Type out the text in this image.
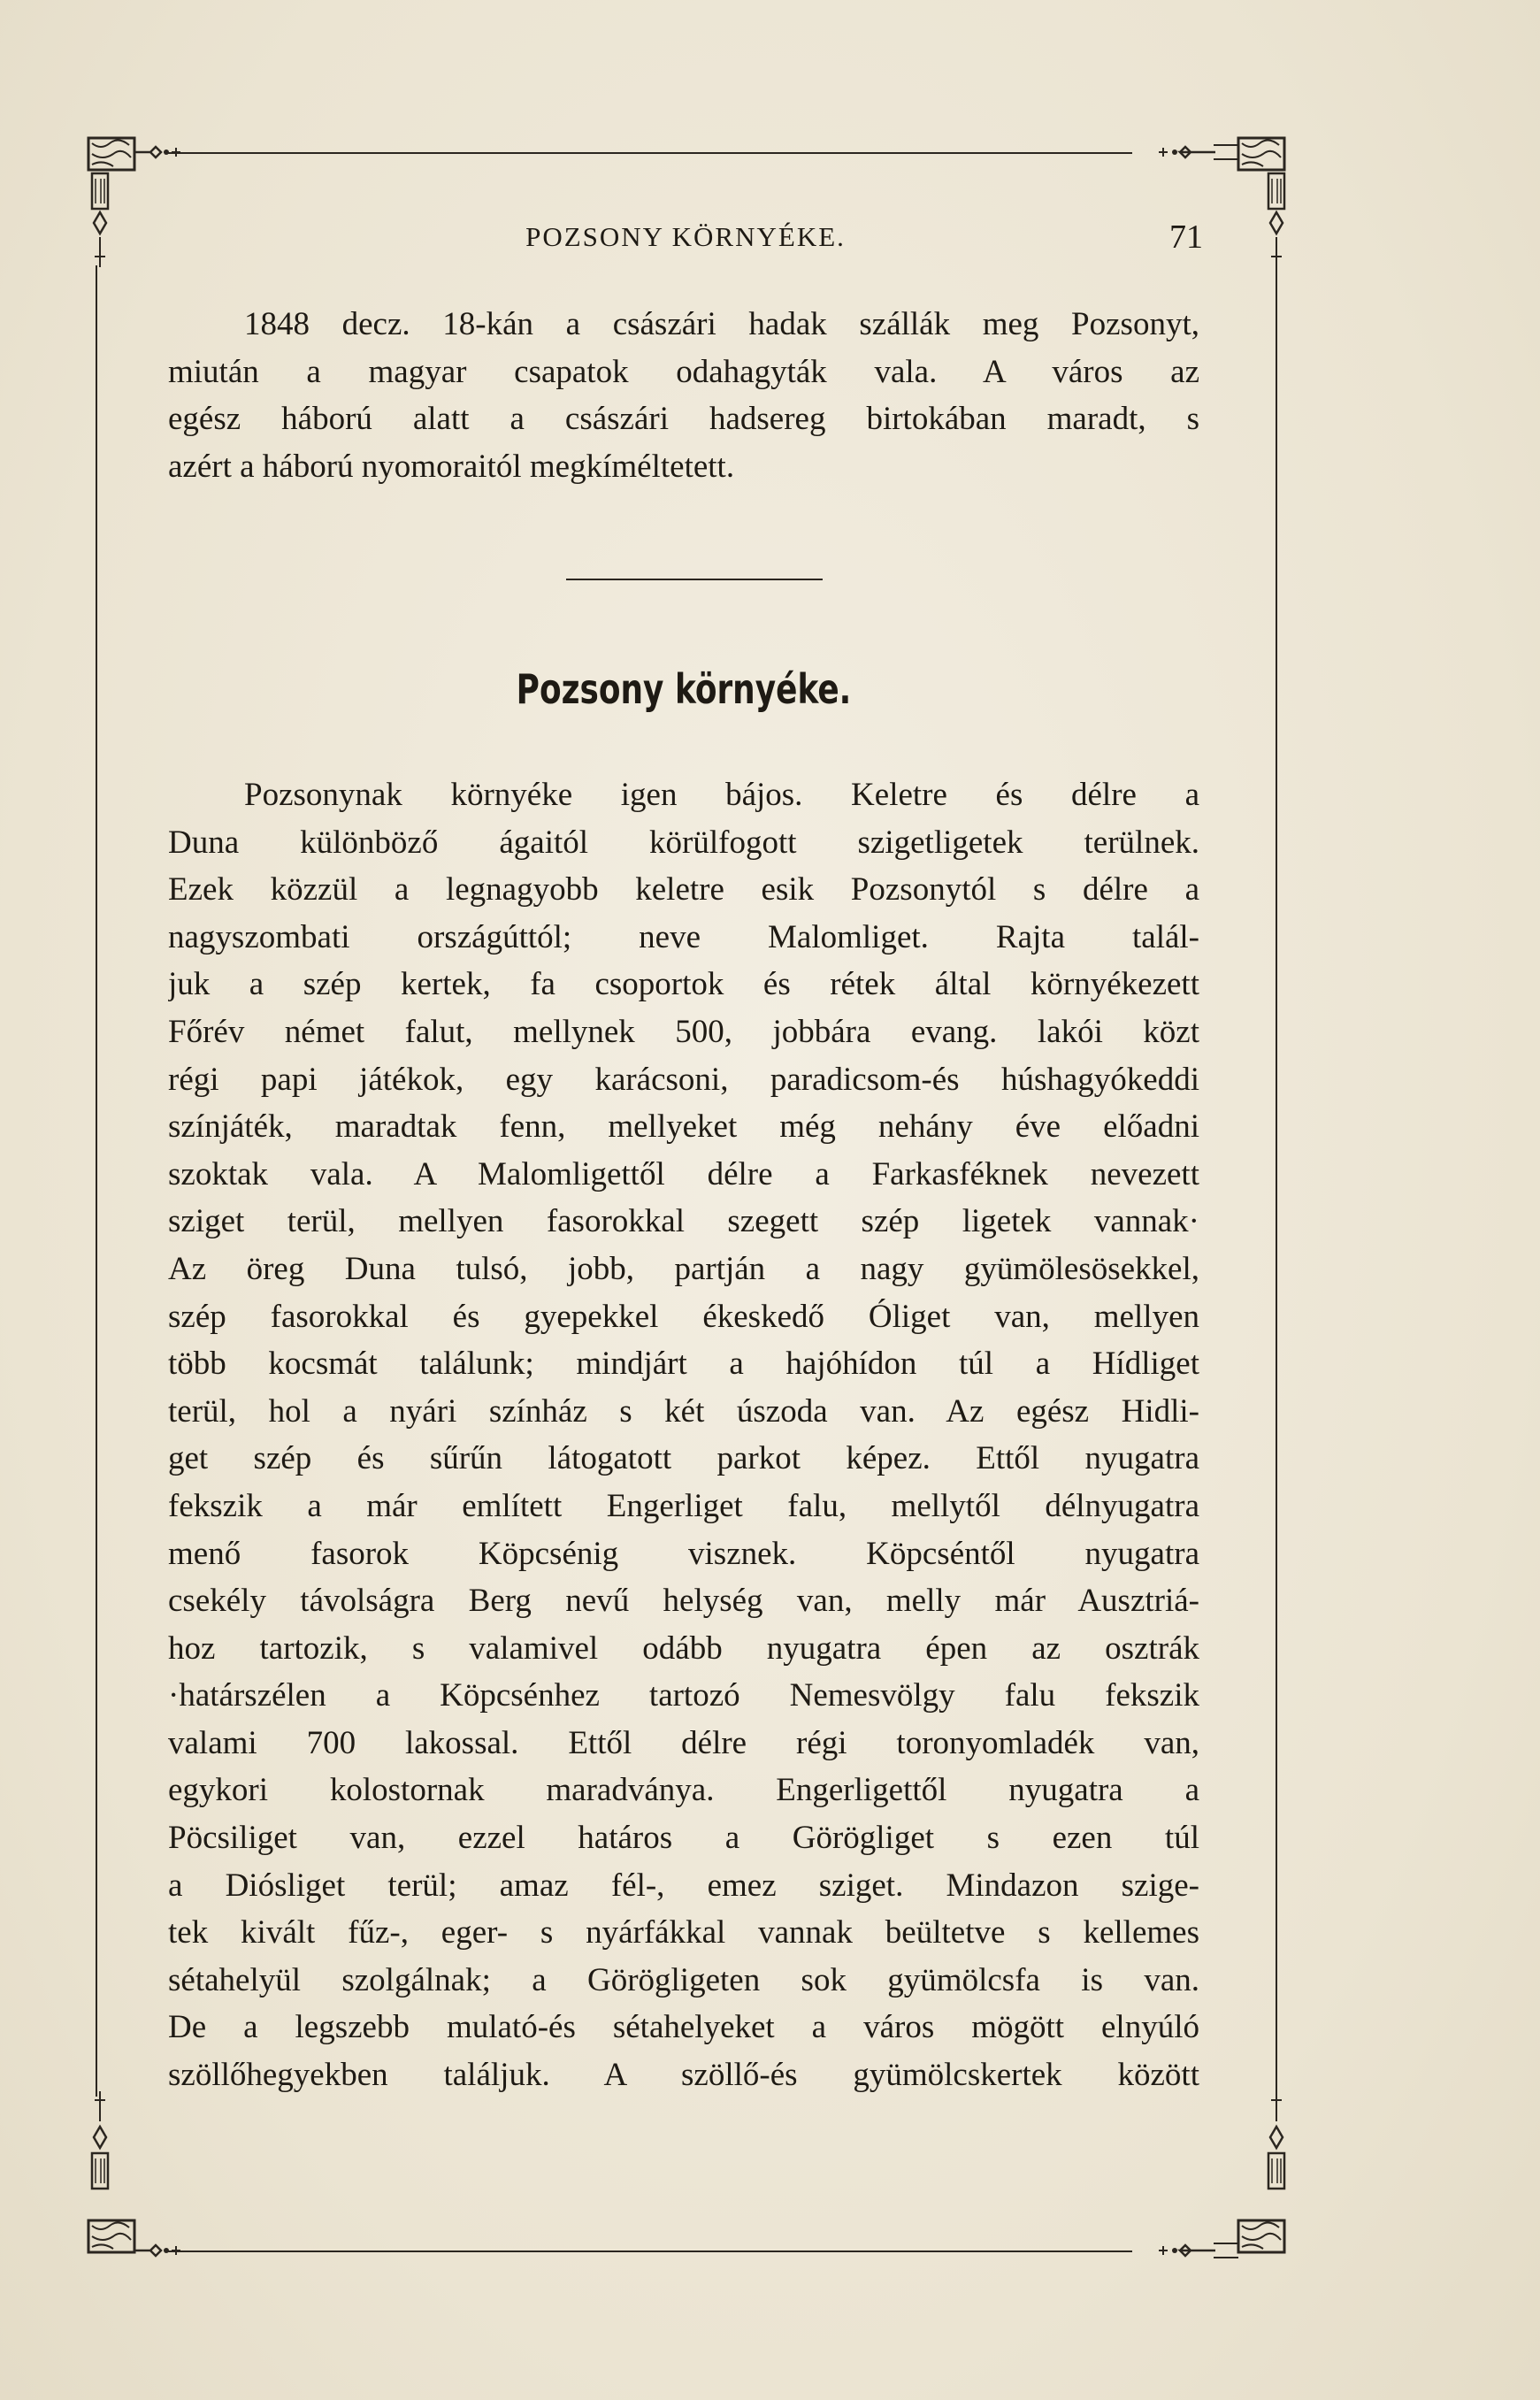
POZSONY KÖRNYÉKE.	71
1848 decz. 18-kán a császári hadak szállák meg Pozsonyt,
miután a magyar csapatok odahagyták vala. A város az
egész háború alatt a császári hadsereg birtokában maradt, s
azért a háború nyomoraitól megkíméltetett.
Pozsony környéke.
Pozsonynak környéke igen bájos. Keletre és délre a
Duna különböző ágaitól körülfogott szigetligetek terülnek.
Ezek közzül a legnagyobb keletre esik Pozsonytól s délre a
nagyszombati országúttól; neve Malomliget. Rajta talál-
juk a szép kertek, fa csoportok és rétek által környékezett
Főrév német falut, mellynek 500, jobbára evang. lakói közt
régi papi játékok, egy karácsoni, paradicsom-és húshagyókeddi
színjáték, maradtak fenn, mellyeket még nehány éve előadni
szoktak vala. A Malomligettől délre a Farkasféknek nevezett
sziget terül, mellyen fasorokkal szegett szép ligetek vannak·
Az öreg Duna tulsó, jobb, partján a nagy gyümölesösekkel,
szép fasorokkal és gyepekkel ékeskedő Óliget van, mellyen
több kocsmát találunk; mindjárt a hajóhídon túl a Hídliget
terül, hol a nyári színház s két úszoda van. Az egész Hidli-
get szép és sűrűn látogatott parkot képez. Ettől nyugatra
fekszik a már említett Engerliget falu, mellytől délnyugatra
menő fasorok Köpcsénig visznek. Köpcséntől nyugatra
csekély távolságra Berg nevű helység van, melly már Ausztriá-
hoz tartozik, s valamivel odább nyugatra épen az osztrák
·határszélen a Köpcsénhez tartozó Nemesvölgy falu fekszik
valami 700 lakossal. Ettől délre régi toronyomladék van,
egykori kolostornak maradványa. Engerligettől nyugatra a
Pöcsiliget van, ezzel határos a Görögliget s ezen túl
a Diósliget terül; amaz fél-, emez sziget. Mindazon szige-
tek kivált fűz-, eger- s nyárfákkal vannak beültetve s kellemes
sétahelyül szolgálnak; a Görögligeten sok gyümölcsfa is van.
De a legszebb mulató-és sétahelyeket a város mögött elnyúló
szöllőhegyekben találjuk. A szöllő-és gyümölcskertek között
